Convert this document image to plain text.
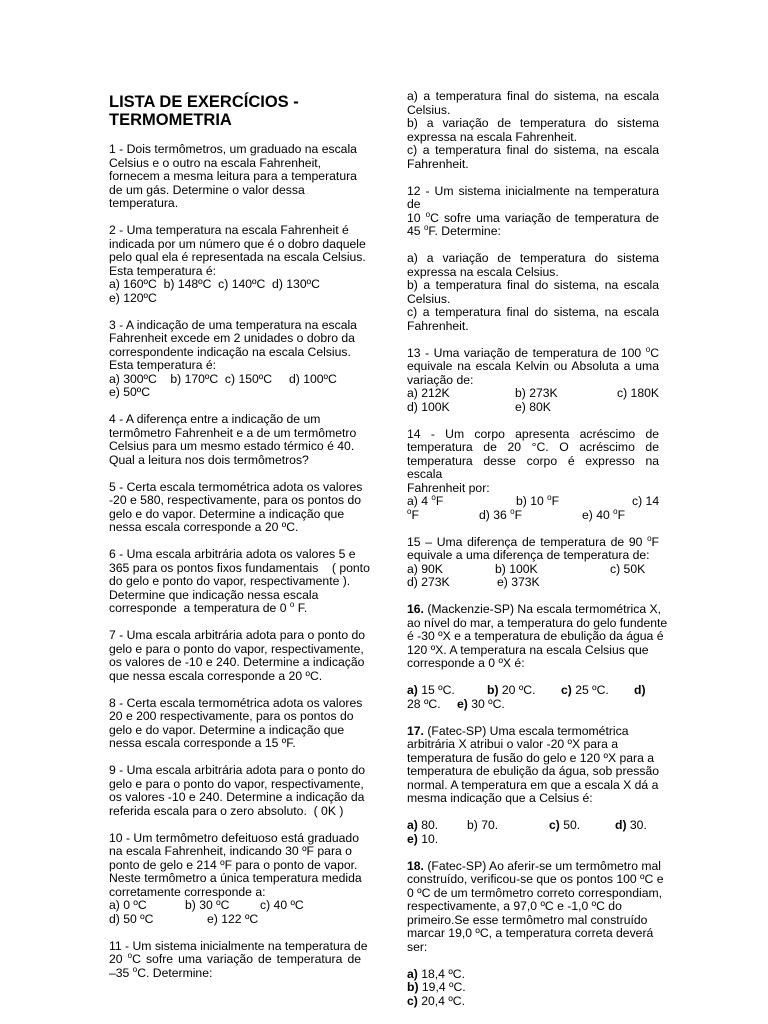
LISTA DE EXERCÍCIOS -
TERMOMETRIA
1 - Dois termômetros, um graduado na escala
Celsius e o outro na escala Fahrenheit,
fornecem a mesma leitura para a temperatura
de um gás. Determine o valor dessa
temperatura.
2 - Uma temperatura na escala Fahrenheit é
indicada por um número que é o dobro daquele
pelo qual ela é representada na escala Celsius.
Esta temperatura é:
a) 160ºC  b) 148ºC  c) 140ºC  d) 130ºC
e) 120ºC
3 - A indicação de uma temperatura na escala
Fahrenheit excede em 2 unidades o dobro da
correspondente indicação na escala Celsius.
Esta temperatura é:
a) 300ºC    b) 170ºC  c) 150ºC     d) 100ºC
e) 50ºC
4 - A diferença entre a indicação de um
termômetro Fahrenheit e a de um termômetro
Celsius para um mesmo estado térmico é 40.
Qual a leitura nos dois termômetros?
5 - Certa escala termométrica adota os valores
-20 e 580, respectivamente, para os pontos do
gelo e do vapor. Determine a indicação que
nessa escala corresponde a 20 ºC.
6 - Uma escala arbitrária adota os valores 5 e
365 para os pontos fixos fundamentais    ( ponto
do gelo e ponto do vapor, respectivamente ).
Determine que indicação nessa escala
corresponde  a temperatura de 0 $^o$ F.
7 - Uma escala arbitrária adota para o ponto do
gelo e para o ponto do vapor, respectivamente,
os valores de -10 e 240. Determine a indicação
que nessa escala corresponde a 20 ºC.
8 - Certa escala termométrica adota os valores
20 e 200 respectivamente, para os pontos do
gelo e do vapor. Determine a indicação que
nessa escala corresponde a 15 ºF.
9 - Uma escala arbitrária adota para o ponto do
gelo e para o ponto do vapor, respectivamente,
os valores -10 e 240. Determine a indicação da
referida escala para o zero absoluto.  ( 0K )
10 - Um termômetro defeituoso está graduado
na escala Fahrenheit, indicando 30 ºF para o
ponto de gelo e 214 ºF para o ponto de vapor.
Neste termômetro a única temperatura medida
corretamente corresponde a:
a) 0 ºC	b) 30 ºC	c) 40 ºC
d) 50 ºC	e) 122 ºC
11 - Um sistema inicialmente na temperatura de
20 $^o$C sofre uma variação de temperatura de
–35 $^o$C. Determine:
a) a temperatura final do sistema, na escala
Celsius.
b) a variação de temperatura do sistema
expressa na escala Fahrenheit.
c) a temperatura final do sistema, na escala
Fahrenheit.
12 - Um sistema inicialmente na temperatura de
10 $^o$C sofre uma variação de temperatura de
45 $^o$F. Determine:
a) a variação de temperatura do sistema
expressa na escala Celsius.
b) a temperatura final do sistema, na escala
Celsius.
c) a temperatura final do sistema, na escala
Fahrenheit.
13 - Uma variação de temperatura de 100 $^o$C
equivale na escala Kelvin ou Absoluta a uma
variação de:
a) 212K	b) 273K	c) 180K
d) 100K	e) 80K
14 - Um corpo apresenta acréscimo de
temperatura de 20 °C. O acréscimo de
temperatura desse corpo é expresso na escala
Fahrenheit por:
a) 4 $^o$F	b) 10 $^o$F	c) 14
$^o$F	d) 36 $^o$F	e) 40 $^o$F
15 – Uma diferença de temperatura de 90 $^o$F
equivale a uma diferença de temperatura de:
a) 90K	b) 100K	c) 50K
d) 273K	e) 373K
16. (Mackenzie-SP) Na escala termométrica X,
ao nível do mar, a temperatura do gelo fundente
é -30 ºX e a temperatura de ebulição da água é
120 ºX. A temperatura na escala Celsius que
corresponde a 0 ºX é:
a) 15 ºC.	b) 20 ºC. c) 25 ºC. d)
28 ºC. e) 30 ºC.
17. (Fatec-SP) Uma escala termométrica
arbitrária X atribui o valor -20 ºX para a
temperatura de fusão do gelo e 120 ºX para a
temperatura de ebulição da água, sob pressão
normal. A temperatura em que a escala X dá a
mesma indicação que a Celsius é:
a) 80. b) 70.	c) 50.	d) 30.
e) 10.
18. (Fatec-SP) Ao aferir-se um termômetro mal
construído, verificou-se que os pontos 100 ºC e
0 ºC de um termômetro correto correspondiam,
respectivamente, a 97,0 ºC e -1,0 ºC do
primeiro.Se esse termômetro mal construído
marcar 19,0 ºC, a temperatura correta deverá
ser:
a) 18,4 ºC.
b) 19,4 ºC.
c) 20,4 ºC.
